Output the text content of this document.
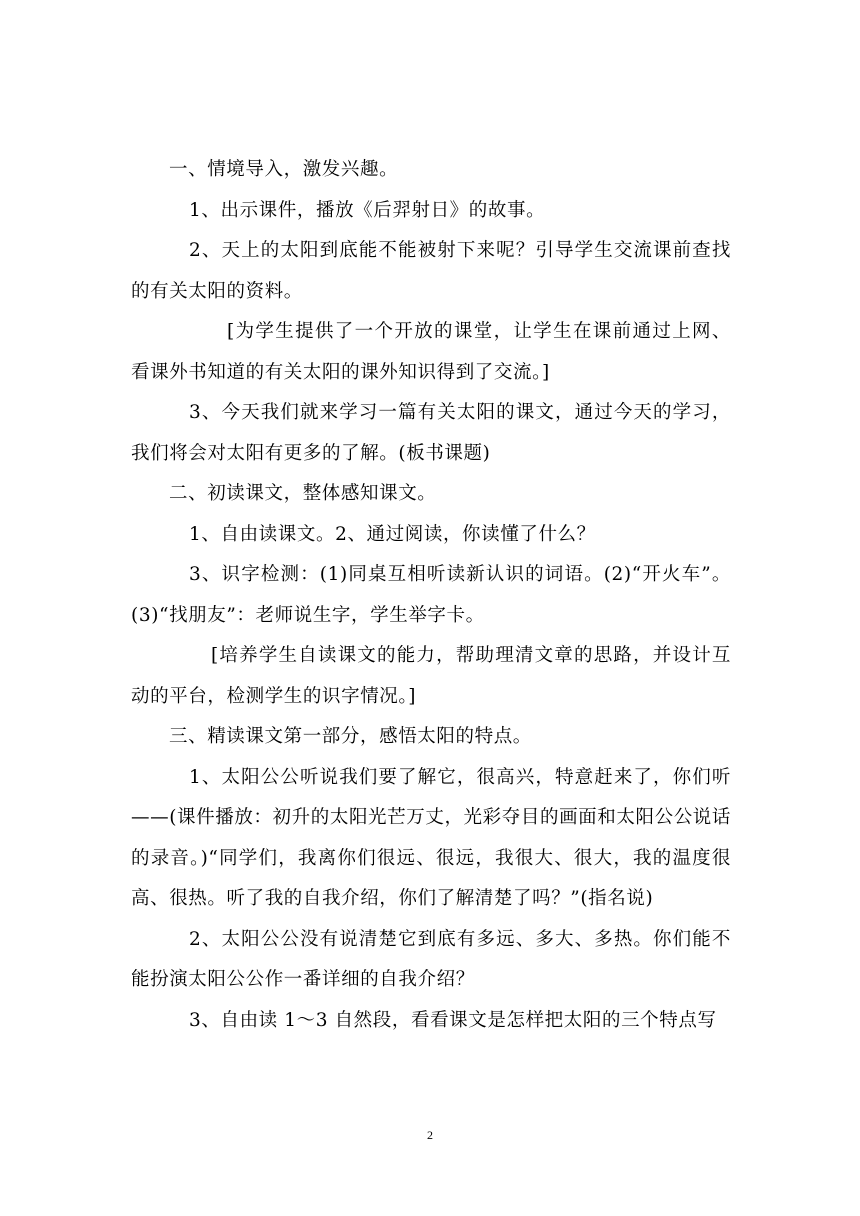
一、情境导入，激发兴趣。

1、出示课件，播放《后羿射日》的故事。

2、天上的太阳到底能不能被射下来呢？引导学生交流课前查找的有关太阳的资料。

[为学生提供了一个开放的课堂，让学生在课前通过上网、看课外书知道的有关太阳的课外知识得到了交流。]

3、今天我们就来学习一篇有关太阳的课文，通过今天的学习，我们将会对太阳有更多的了解。(板书课题)

二、初读课文，整体感知课文。

1、自由读课文。2、通过阅读，你读懂了什么？

3、识字检测：(1)同桌互相听读新认识的词语。(2)“开火车”。(3)“找朋友”：老师说生字，学生举字卡。

[培养学生自读课文的能力，帮助理清文章的思路，并设计互动的平台，检测学生的识字情况。]

三、精读课文第一部分，感悟太阳的特点。

1、太阳公公听说我们要了解它，很高兴，特意赶来了，你们听——(课件播放：初升的太阳光芒万丈，光彩夺目的画面和太阳公公说话的录音。)“同学们，我离你们很远、很远，我很大、很大，我的温度很高、很热。听了我的自我介绍，你们了解清楚了吗？”(指名说)

2、太阳公公没有说清楚它到底有多远、多大、多热。你们能不能扮演太阳公公作一番详细的自我介绍？

3、自由读 1～3 自然段，看看课文是怎样把太阳的三个特点写

2
